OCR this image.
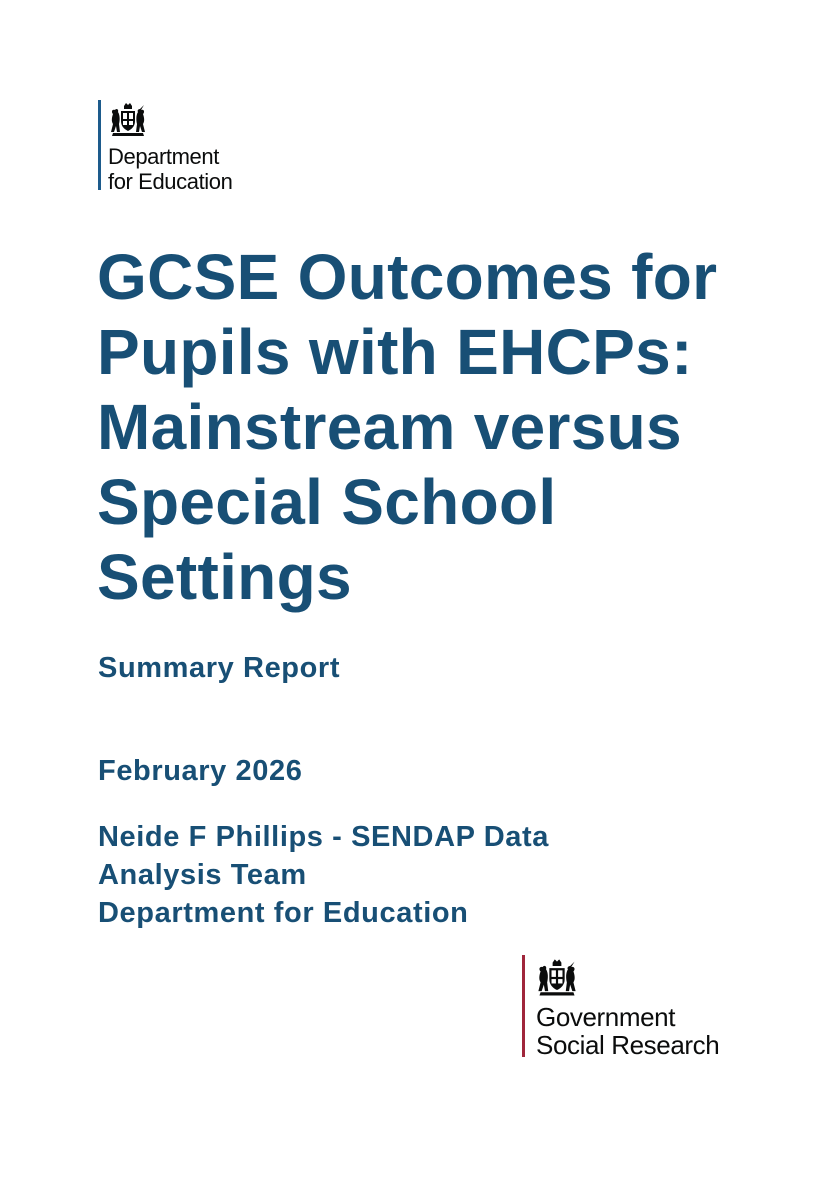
Department
for Education
GCSE Outcomes for Pupils with EHCPs: Mainstream versus Special School Settings
Summary Report
February 2026
Neide F Phillips - SENDAP Data
Analysis Team
Department for Education
Government
Social Research
